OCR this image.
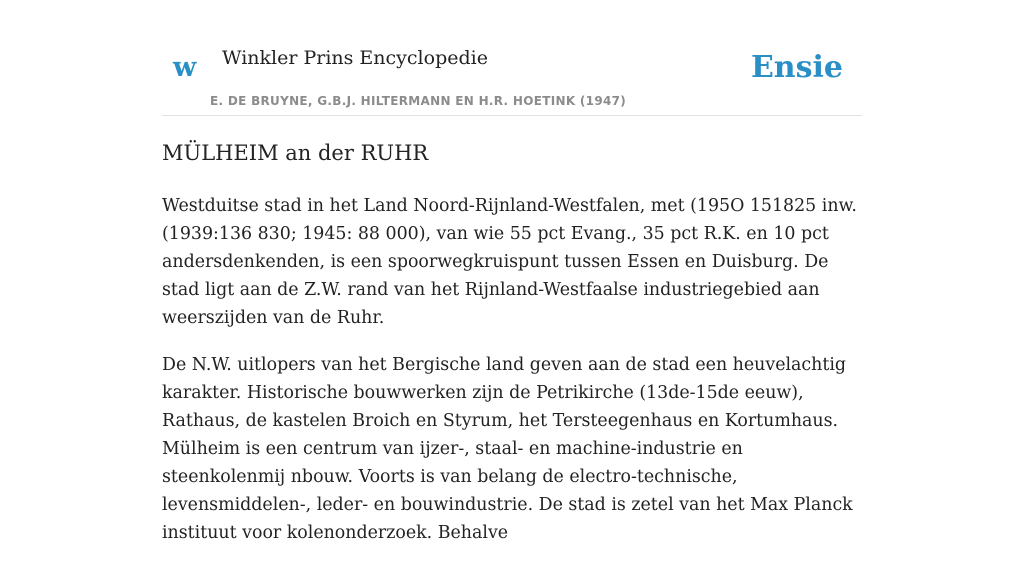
w Winkler Prins Encyclopedie
E. DE BRUYNE, G.B.J. HILTERMANN EN H.R. HOETINK (1947)
Ensie
MÜLHEIM an der RUHR

Westduitse stad in het Land Noord-Rijnland-Westfalen, met (195O 151825 inw. (1939:136 830; 1945: 88 000), van wie 55 pct Evang., 35 pct R.K. en 10 pct andersdenkenden, is een spoorwegkruispunt tussen Essen en Duisburg. De stad ligt aan de Z.W. rand van het Rijnland-Westfaalse industriegebied aan weerszijden van de Ruhr.

De N.W. uitlopers van het Bergische land geven aan de stad een heuvelachtig karakter. Historische bouwwerken zijn de Petrikirche (13de-15de eeuw), Rathaus, de kastelen Broich en Styrum, het Tersteegenhaus en Kortumhaus. Mülheim is een centrum van ijzer-, staal- en machine-industrie en steenkolenmij nbouw. Voorts is van belang de electro-technische, levensmiddelen-, leder- en bouwindustrie. De stad is zetel van het Max Planck instituut voor kolenonderzoek. Behalve
